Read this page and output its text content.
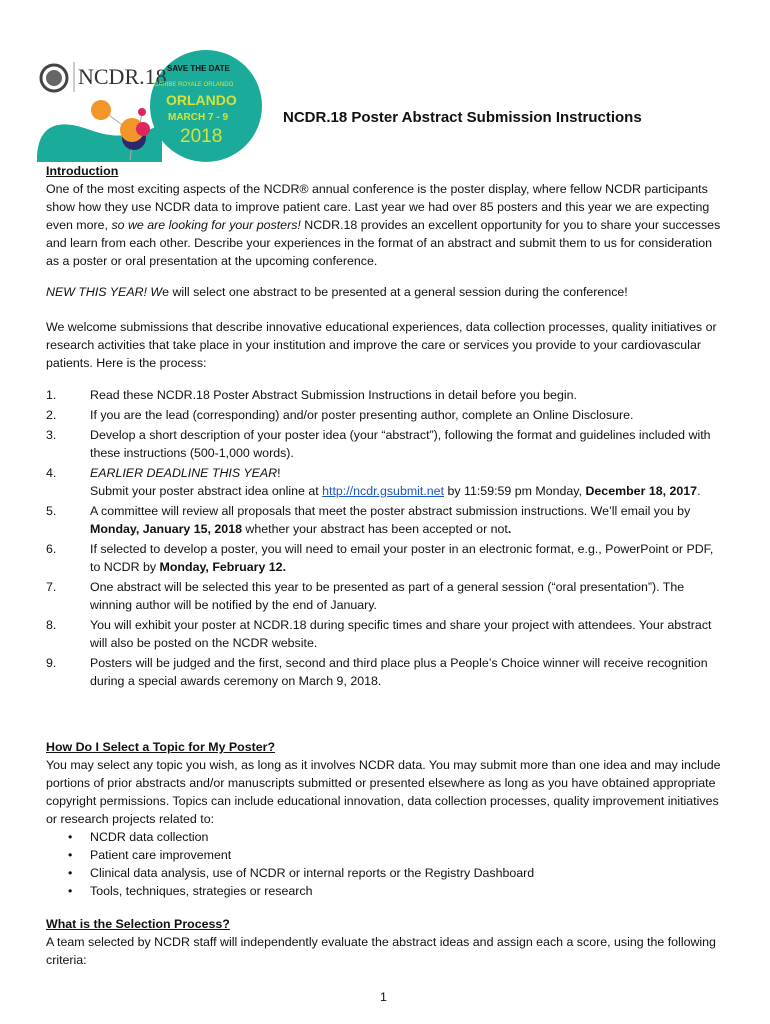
NCDR.18 SAVE THE DATE
CARIBE ROYALE ORLANDO
ORLANDO
MARCH 7 - 9
2018
NCDR.18 Poster Abstract Submission Instructions
Introduction
One of the most exciting aspects of the NCDR® annual conference is the poster display, where fellow NCDR participants show how they use NCDR data to improve patient care. Last year we had over 85 posters and this year we are expecting even more, so we are looking for your posters! NCDR.18 provides an excellent opportunity for you to share your successes and learn from each other. Describe your experiences in the format of an abstract and submit them to us for consideration as a poster or oral presentation at the upcoming conference.
NEW THIS YEAR! We will select one abstract to be presented at a general session during the conference!
We welcome submissions that describe innovative educational experiences, data collection processes, quality initiatives or research activities that take place in your institution and improve the care or services you provide to your cardiovascular patients. Here is the process:
1.	Read these NCDR.18 Poster Abstract Submission Instructions in detail before you begin.
2.	If you are the lead (corresponding) and/or poster presenting author, complete an Online Disclosure.
3.	Develop a short description of your poster idea (your “abstract”), following the format and guidelines included with these instructions (500-1,000 words).
4.	EARLIER DEADLINE THIS YEAR!
Submit your poster abstract idea online at http://ncdr.gsubmit.net by 11:59:59 pm Monday, December 18, 2017.
5.	A committee will review all proposals that meet the poster abstract submission instructions. We’ll email you by Monday, January 15, 2018 whether your abstract has been accepted or not.
6.	If selected to develop a poster, you will need to email your poster in an electronic format, e.g., PowerPoint or PDF, to NCDR by Monday, February 12.
7.	One abstract will be selected this year to be presented as part of a general session (“oral presentation”). The winning author will be notified by the end of January.
8.	You will exhibit your poster at NCDR.18 during specific times and share your project with attendees. Your abstract will also be posted on the NCDR website.
9.	Posters will be judged and the first, second and third place plus a People’s Choice winner will receive recognition during a special awards ceremony on March 9, 2018.
How Do I Select a Topic for My Poster?
You may select any topic you wish, as long as it involves NCDR data. You may submit more than one idea and may include portions of prior abstracts and/or manuscripts submitted or presented elsewhere as long as you have obtained appropriate copyright permissions. Topics can include educational innovation, data collection processes, quality improvement initiatives or research projects related to:
• NCDR data collection
• Patient care improvement
• Clinical data analysis, use of NCDR or internal reports or the Registry Dashboard
• Tools, techniques, strategies or research
What is the Selection Process?
A team selected by NCDR staff will independently evaluate the abstract ideas and assign each a score, using the following criteria:
1
